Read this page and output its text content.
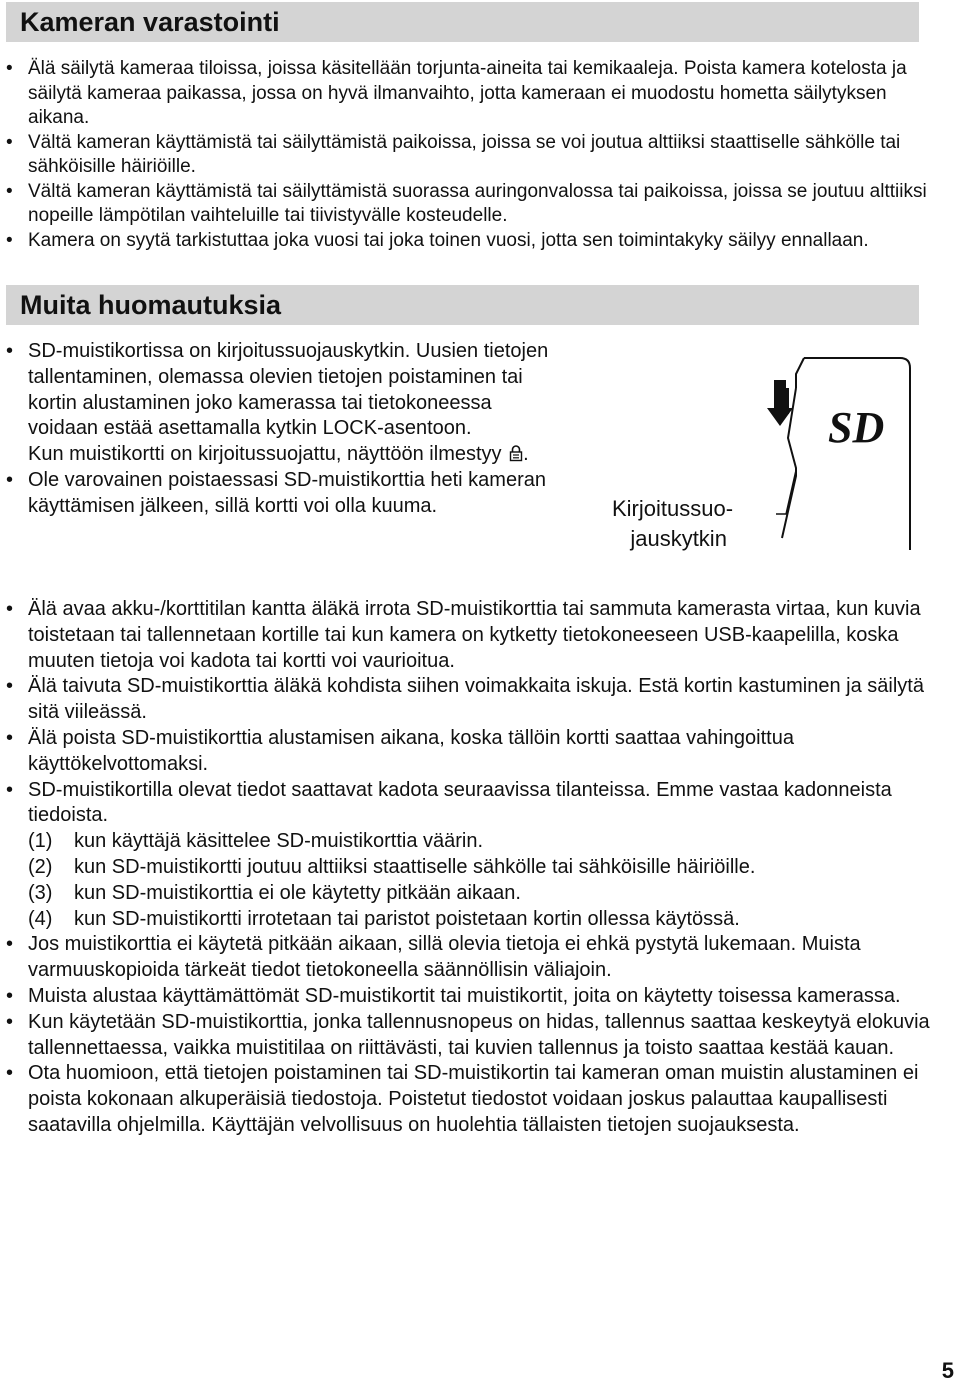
Kameran varastointi
• Älä säilytä kameraa tiloissa, joissa käsitellään torjunta-aineita tai kemikaaleja. Poista kamera kotelosta ja säilytä kameraa paikassa, jossa on hyvä ilmanvaihto, jotta kameraan ei muodostu hometta säilytyksen aikana.
• Vältä kameran käyttämistä tai säilyttämistä paikoissa, joissa se voi joutua alttiiksi staattiselle sähkölle tai sähköisille häiriöille.
• Vältä kameran käyttämistä tai säilyttämistä suorassa auringonvalossa tai paikoissa, joissa se joutuu alttiiksi nopeille lämpötilan vaihteluille tai tiivistyvälle kosteudelle.
• Kamera on syytä tarkistuttaa joka vuosi tai joka toinen vuosi, jotta sen toimintakyky säilyy ennallaan.
Muita huomautuksia
• SD-muistikortissa on kirjoitussuojauskytkin. Uusien tietojen tallentaminen, olemassa olevien tietojen poistaminen tai kortin alustaminen joko kamerassa tai tietokoneessa voidaan estää asettamalla kytkin LOCK-asentoon.
Kun muistikortti on kirjoitussuojattu, näyttöön ilmestyy .
• Ole varovainen poistaessasi SD-muistikorttia heti kameran käyttämisen jälkeen, sillä kortti voi olla kuuma.
SD
Kirjoitussuo-
jauskytkin
• Älä avaa akku-/korttitilan kantta äläkä irrota SD-muistikorttia tai sammuta kamerasta virtaa, kun kuvia toistetaan tai tallennetaan kortille tai kun kamera on kytketty tietokoneeseen USB-kaapelilla, koska muuten tietoja voi kadota tai kortti voi vaurioitua.
• Älä taivuta SD-muistikorttia äläkä kohdista siihen voimakkaita iskuja. Estä kortin kastuminen ja säilytä sitä viileässä.
• Älä poista SD-muistikorttia alustamisen aikana, koska tällöin kortti saattaa vahingoittua käyttökelvottomaksi.
• SD-muistikortilla olevat tiedot saattavat kadota seuraavissa tilanteissa. Emme vastaa kadonneista tiedoista.
(1)	kun käyttäjä käsittelee SD-muistikorttia väärin.
(2)	kun SD-muistikortti joutuu alttiiksi staattiselle sähkölle tai sähköisille häiriöille.
(3)	kun SD-muistikorttia ei ole käytetty pitkään aikaan.
(4)	kun SD-muistikortti irrotetaan tai paristot poistetaan kortin ollessa käytössä.
• Jos muistikorttia ei käytetä pitkään aikaan, sillä olevia tietoja ei ehkä pystytä lukemaan. Muista varmuuskopioida tärkeät tiedot tietokoneella säännöllisin väliajoin.
• Muista alustaa käyttämättömät SD-muistikortit tai muistikortit, joita on käytetty toisessa kamerassa.
• Kun käytetään SD-muistikorttia, jonka tallennusnopeus on hidas, tallennus saattaa keskeytyä elokuvia tallennettaessa, vaikka muistitilaa on riittävästi, tai kuvien tallennus ja toisto saattaa kestää kauan.
• Ota huomioon, että tietojen poistaminen tai SD-muistikortin tai kameran oman muistin alustaminen ei poista kokonaan alkuperäisiä tiedostoja. Poistetut tiedostot voidaan joskus palauttaa kaupallisesti saatavilla ohjelmilla. Käyttäjän velvollisuus on huolehtia tällaisten tietojen suojauksesta.
5
